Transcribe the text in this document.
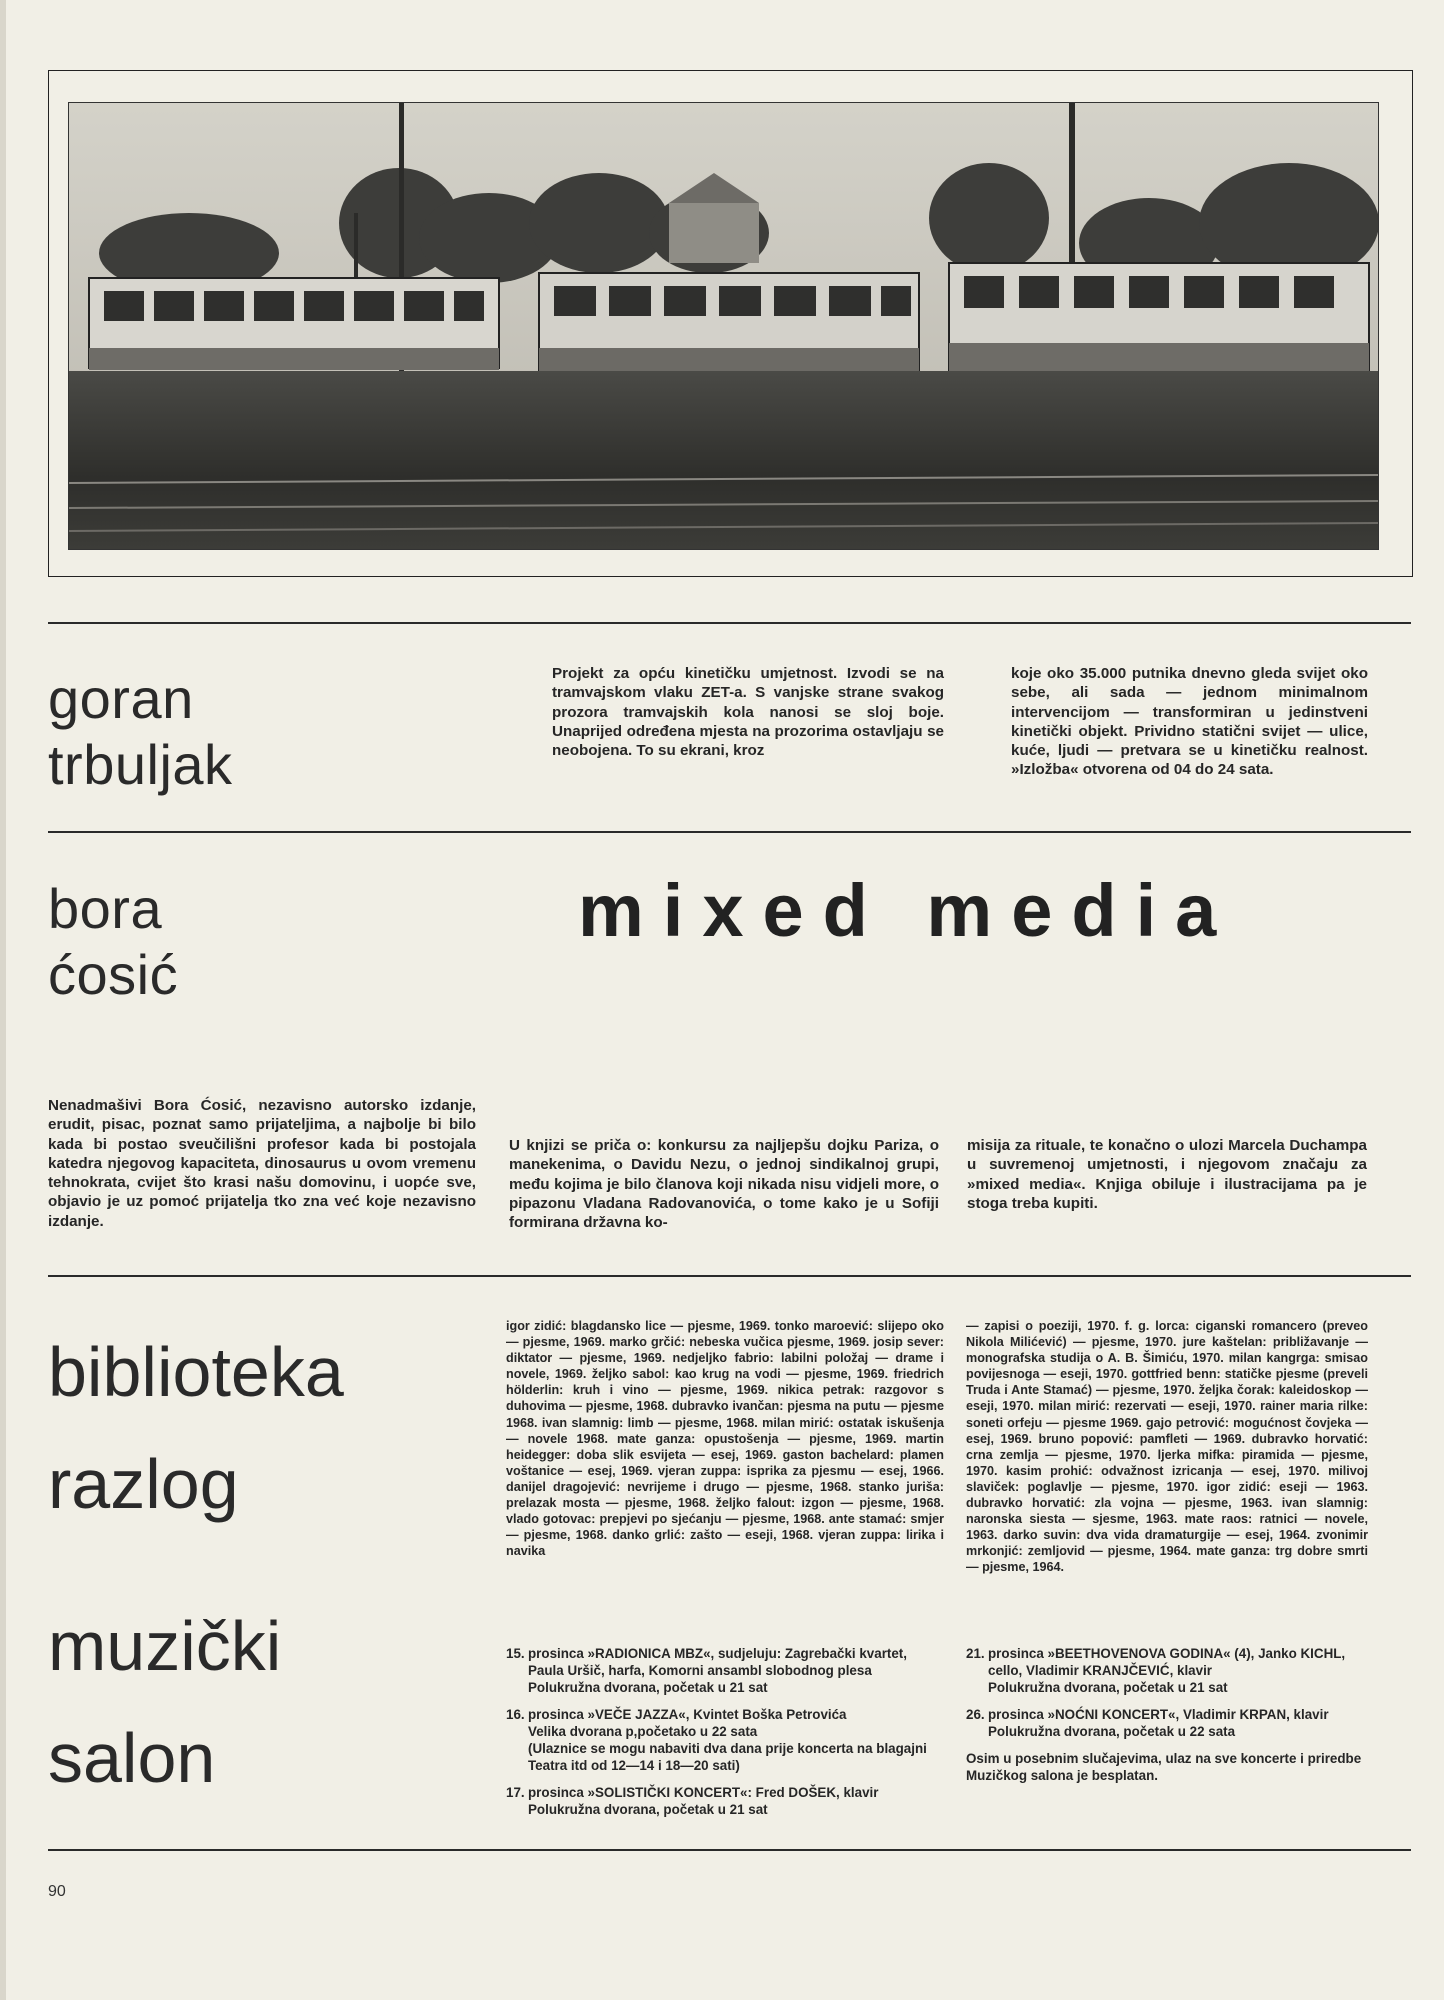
goran
trbuljak

Projekt za opću kinetičku umjetnost. Izvodi se na tramvajskom vlaku ZET-a. S vanjske strane svakog prozora tramvajskih kola nanosi se sloj boje. Unaprijed određena mjesta na prozorima ostavljaju se neobojena. To su ekrani, kroz

koje oko 35.000 putnika dnevno gleda svijet oko sebe, ali sada — jednom minimalnom intervencijom — transformiran u jedinstveni kinetički objekt. Prividno statični svijet — ulice, kuće, ljudi — pretvara se u kinetičku realnost. »Izložba« otvorena od 04 do 24 sata.

bora
ćosić
mixed media

Nenadmašivi Bora Ćosić, nezavisno autorsko izdanje, erudit, pisac, poznat samo prijateljima, a najbolje bi bilo kada bi postao sveučilišni profesor kada bi postojala katedra njegovog kapaciteta, dinosaurus u ovom vremenu tehnokrata, cvijet što krasi našu domovinu, i uopće sve, objavio je uz pomoć prijatelja tko zna već koje nezavisno izdanje.

U knjizi se priča o: konkursu za najljepšu dojku Pariza, o manekenima, o Davidu Nezu, o jednoj sindikalnoj grupi, među kojima je bilo članova koji nikada nisu vidjeli more, o pipazonu Vladana Radovanovića, o tome kako je u Sofiji formirana državna ko-

misija za rituale, te konačno o ulozi Marcela Duchampa u suvremenoj umjetnosti, i njegovom značaju za »mixed media«. Knjiga obiluje i ilustracijama pa je stoga treba kupiti.

biblioteka
razlog

igor zidić: blagdansko lice — pjesme, 1969. tonko maroević: slijepo oko — pjesme, 1969. marko grčić: nebeska vučica pjesme, 1969. josip sever: diktator — pjesme, 1969. nedjeljko fabrio: labilni položaj — drame i novele, 1969. željko sabol: kao krug na vodi — pjesme, 1969. friedrich hölderlin: kruh i vino — pjesme, 1969. nikica petrak: razgovor s duhovima — pjesme, 1968. dubravko ivančan: pjesma na putu — pjesme 1968. ivan slamnig: limb — pjesme, 1968. milan mirić: ostatak iskušenja — novele 1968. mate ganza: opustošenja — pjesme, 1969. martin heidegger: doba slik esvijeta — esej, 1969. gaston bachelard: plamen voštanice — esej, 1969. vjeran zuppa: isprika za pjesmu — esej, 1966. danijel dragojević: nevrijeme i drugo — pjesme, 1968. stanko juriša: prelazak mosta — pjesme, 1968. željko falout: izgon — pjesme, 1968. vlado gotovac: prepjevi po sjećanju — pjesme, 1968. ante stamać: smjer — pjesme, 1968. danko grlić: zašto — eseji, 1968. vjeran zuppa: lirika i navika

— zapisi o poeziji, 1970. f. g. lorca: ciganski romancero (preveo Nikola Milićević) — pjesme, 1970. jure kaštelan: približavanje — monografska studija o A. B. Šimiću, 1970. milan kangrga: smisao povijesnoga — eseji, 1970. gottfried benn: statičke pjesme (preveli Truda i Ante Stamać) — pjesme, 1970. željka čorak: kaleidoskop — eseji, 1970. milan mirić: rezervati — eseji, 1970. rainer maria rilke: soneti orfeju — pjesme 1969. gajo petrović: mogućnost čovjeka — esej, 1969. bruno popović: pamfleti — 1969. dubravko horvatić: crna zemlja — pjesme, 1970. ljerka mifka: piramida — pjesme, 1970. kasim prohić: odvažnost izricanja — esej, 1970. milivoj slaviček: poglavlje — pjesme, 1970. igor zidić: eseji — 1963. dubravko horvatić: zla vojna — pjesme, 1963. ivan slamnig: naronska siesta — sjesme, 1963. mate raos: ratnici — novele, 1963. darko suvin: dva vida dramaturgije — esej, 1964. zvonimir mrkonjić: zemljovid — pjesme, 1964. mate ganza: trg dobre smrti — pjesme, 1964.

muzički
salon
15. prosinca »RADIONICA MBZ«, sudjeluju: Zagrebački kvartet, Paula Uršič, harfa, Komorni ansambl slobodnog plesa
Polukružna dvorana, početak u 21 sat
16. prosinca »VEČE JAZZA«, Kvintet Boška Petrovića
Velika dvorana p,početako u 22 sata
(Ulaznice se mogu nabaviti dva dana prije koncerta na blagajni Teatra itd od 12—14 i 18—20 sati)
17. prosinca »SOLISTIČKI KONCERT«: Fred DOŠEK, klavir
Polukružna dvorana, početak u 21 sat
21. prosinca »BEETHOVENOVA GODINA« (4), Janko KICHL, cello, Vladimir KRANJČEVIĆ, klavir
Polukružna dvorana, početak u 21 sat
26. prosinca »NOĆNI KONCERT«, Vladimir KRPAN, klavir
Polukružna dvorana, početak u 22 sata

Osim u posebnim slučajevima, ulaz na sve koncerte i priredbe
Muzičkog salona je besplatan.

90
